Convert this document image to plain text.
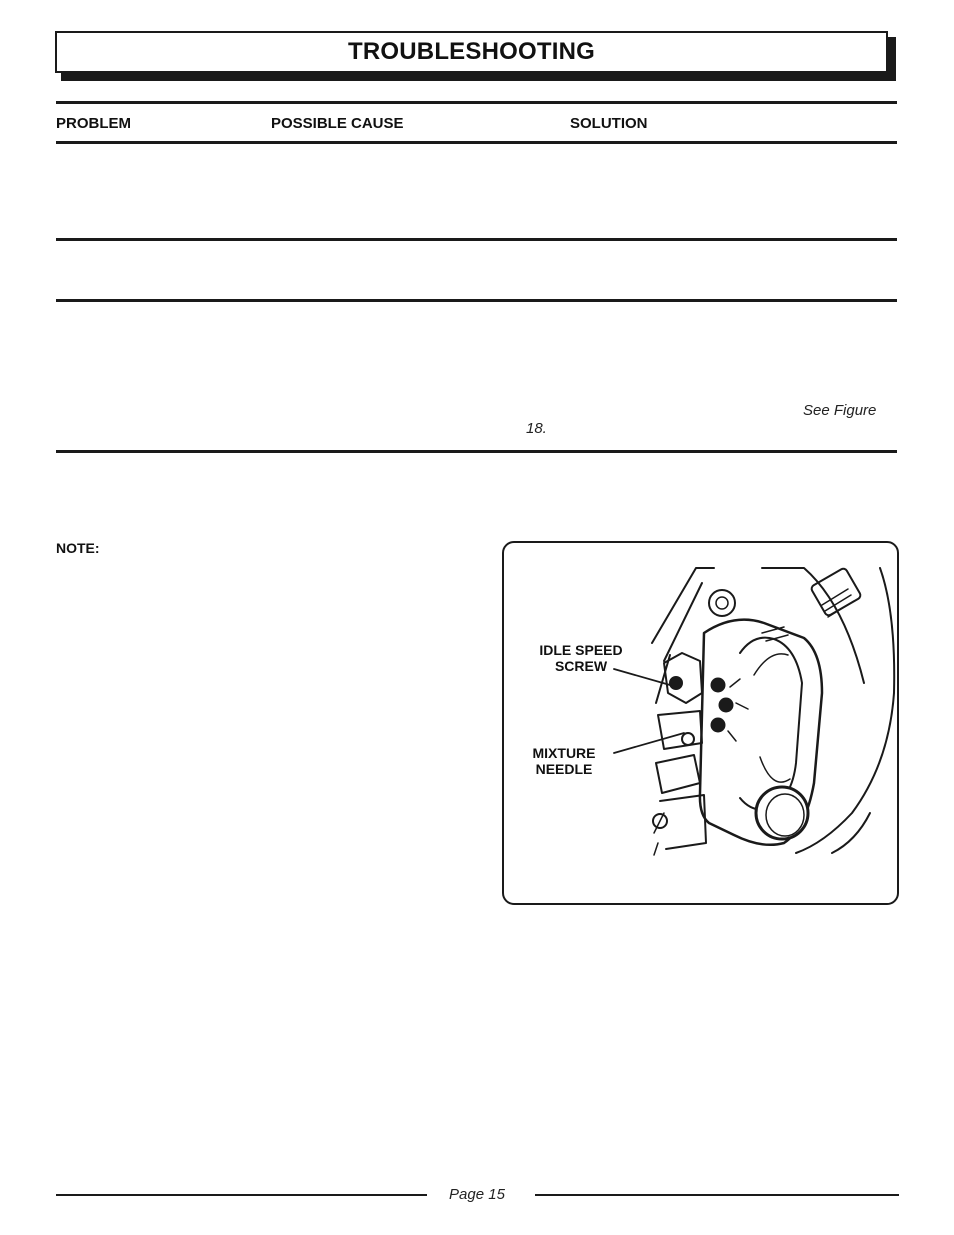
TROUBLESHOOTING
PROBLEM	POSSIBLE CAUSE	SOLUTION
See Figure
18.
NOTE:
IDLE SPEED
SCREW
MIXTURE
NEEDLE
Page 15
